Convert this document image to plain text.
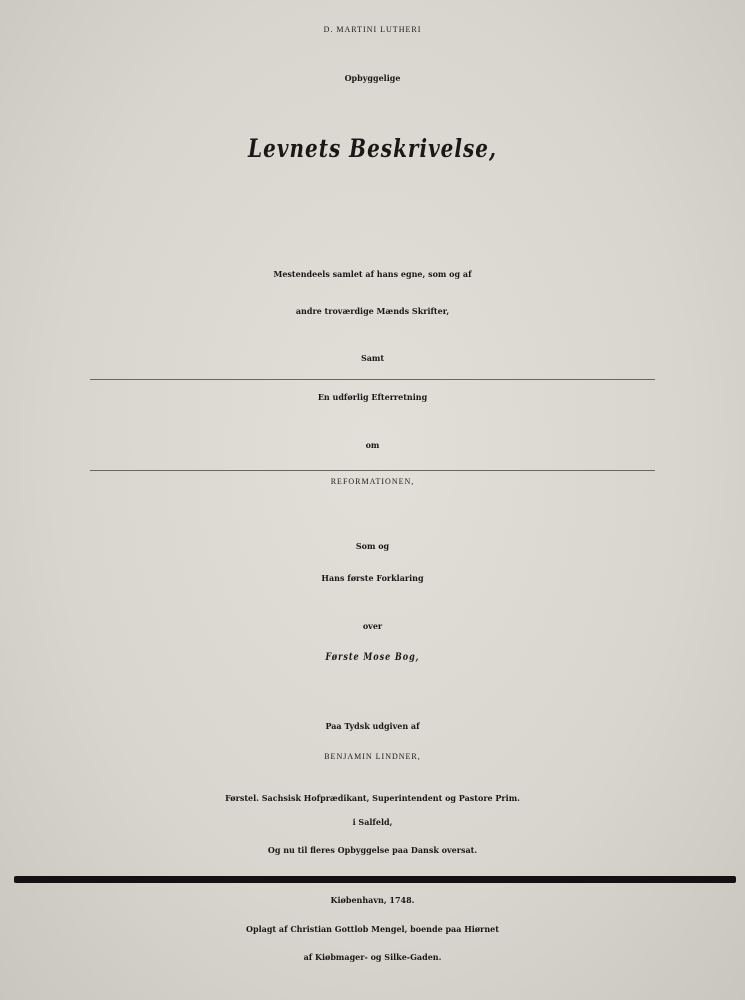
D. MARTINI LUTHERI
Opbyggelige
Levnets Beskrivelse,
Mestendeels samlet af hans egne, som og af
andre troværdige Mænds Skrifter,
Samt
En udførlig Efterretning
om
REFORMATIONEN,
Som og
Hans første Forklaring
over
Første Mose Bog,
Paa Tydsk udgiven af
BENJAMIN LINDNER,
Førstel. Sachsisk Hofprædikant, Superintendent og Pastore Prim.
i Salfeld,
Og nu til fleres Opbyggelse paa Dansk oversat.
Kiøbenhavn, 1748.
Oplagt af Christian Gottlob Mengel, boende paa Hiørnet
af Kiøbmager- og Silke-Gaden.
